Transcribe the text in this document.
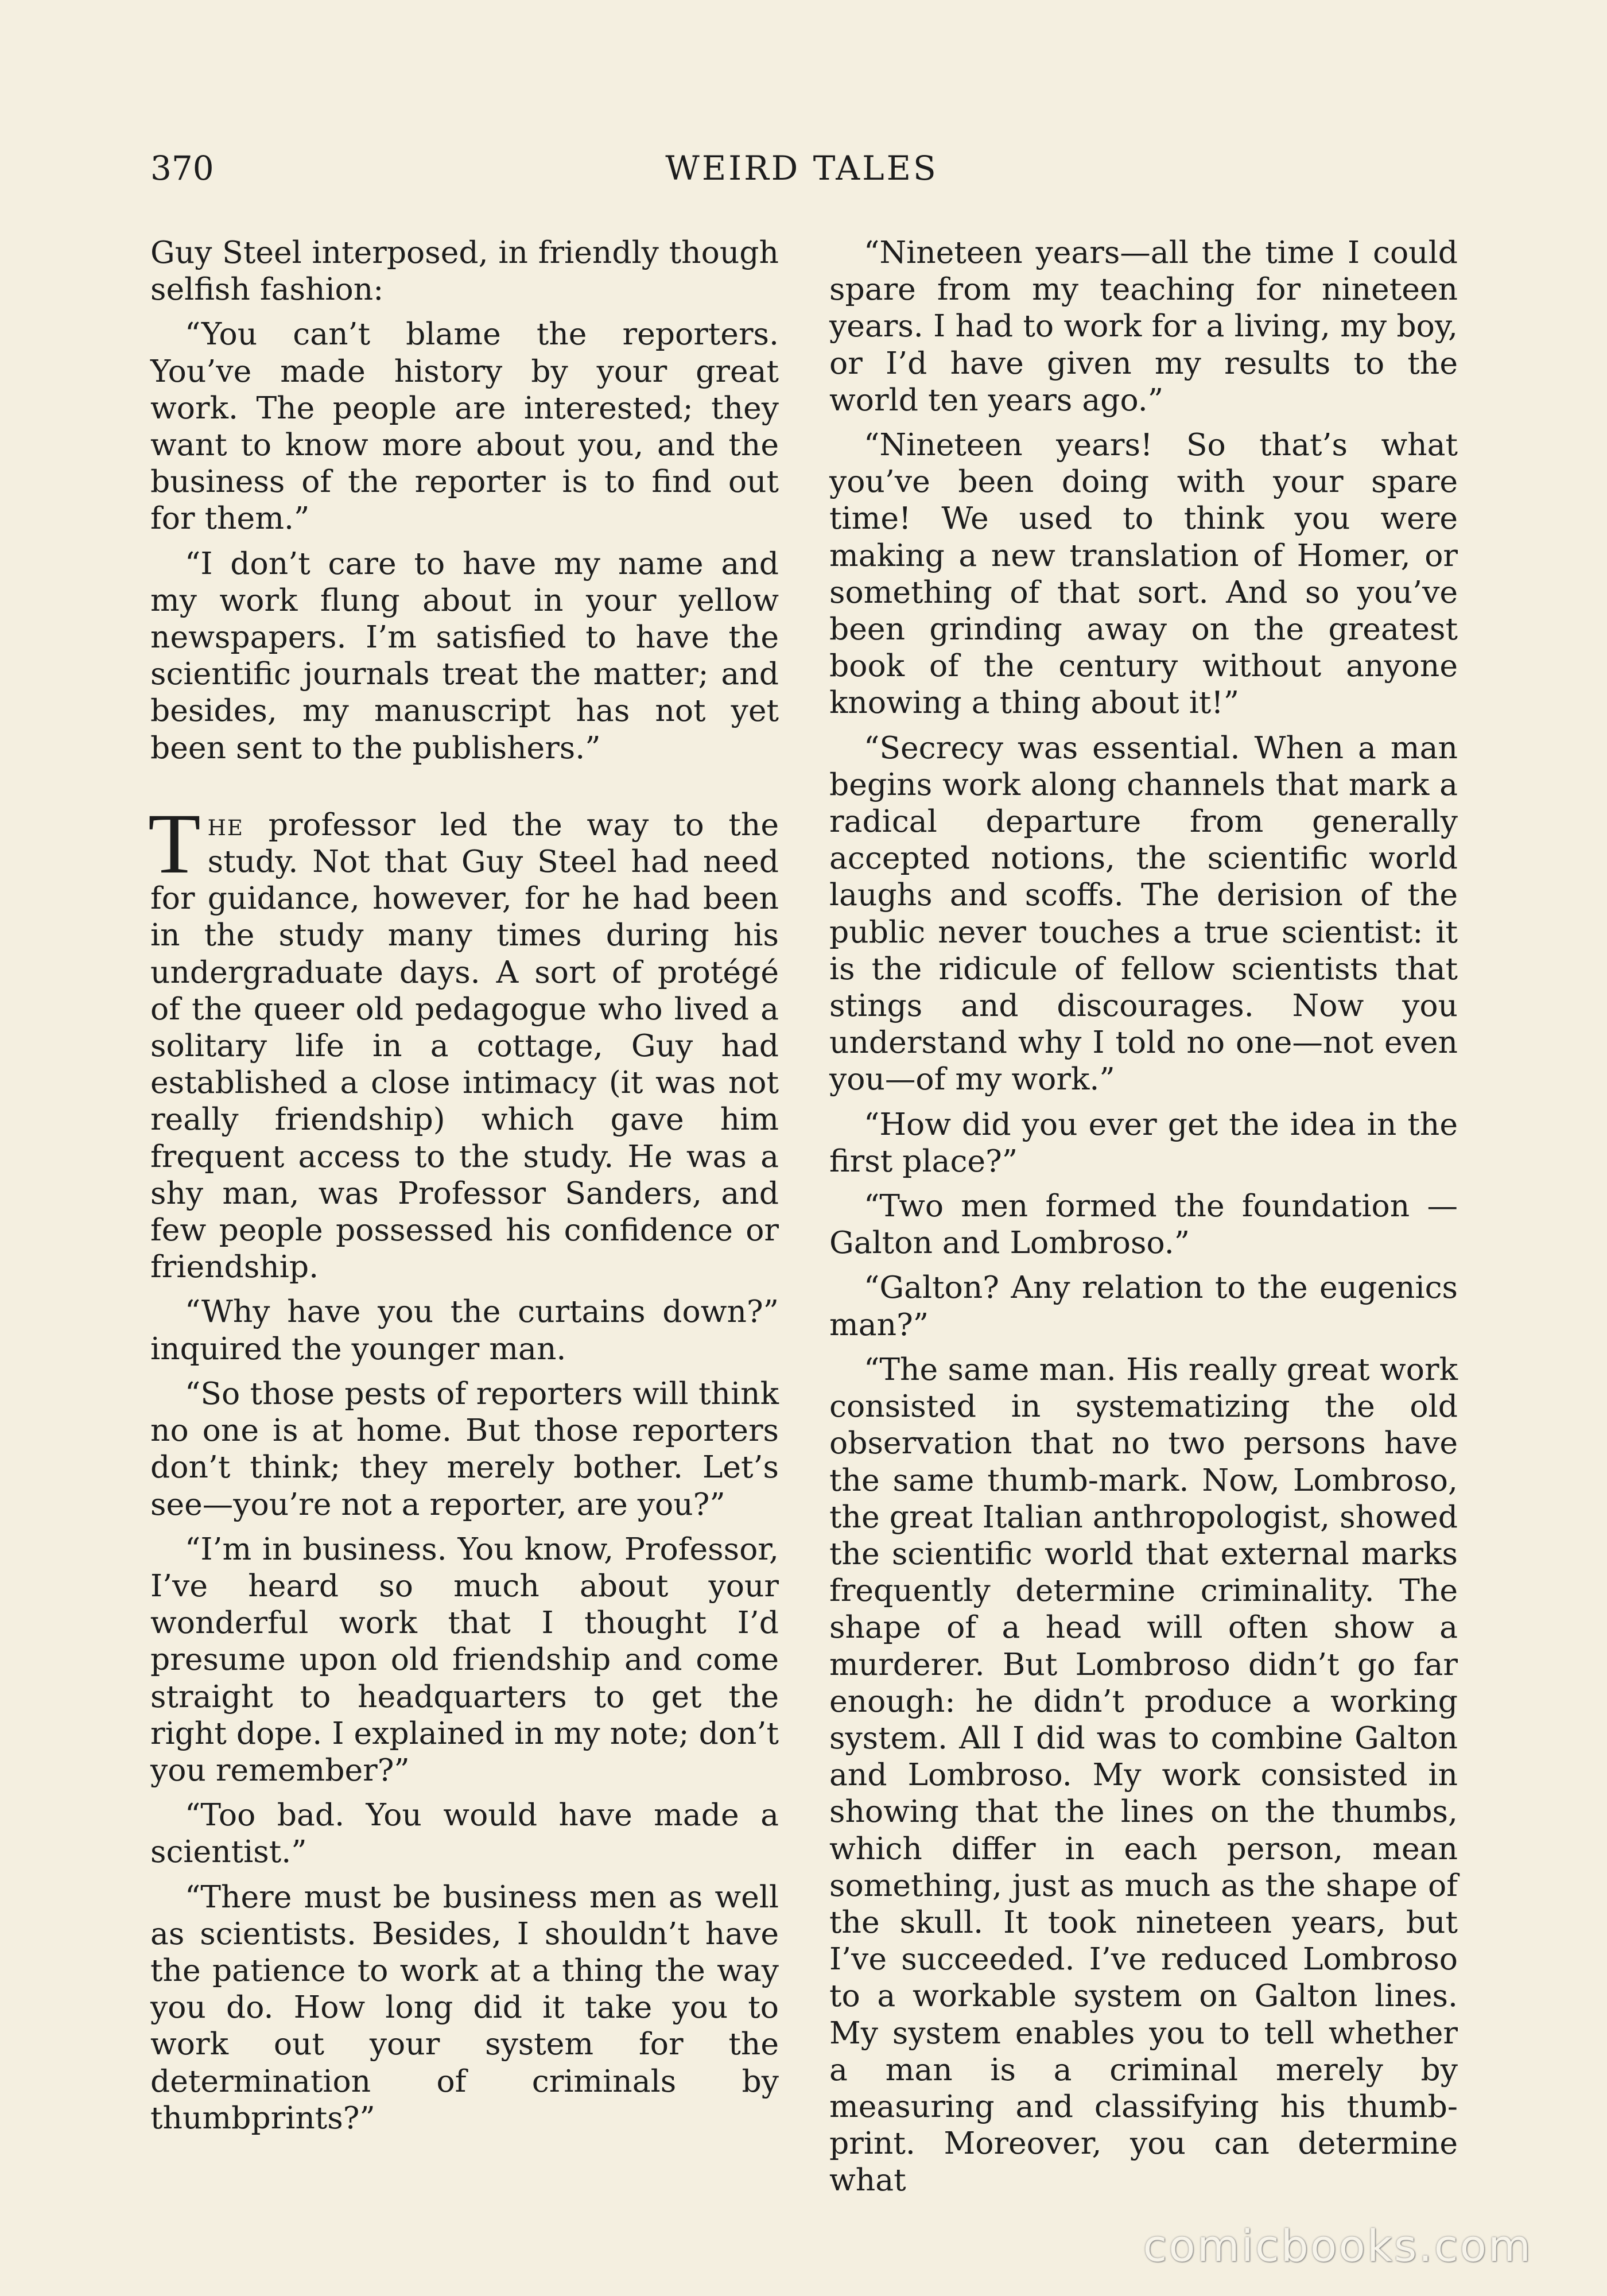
370	WEIRD TALES

Guy Steel interposed, in friendly though selfish fashion:

“You can’t blame the reporters. You’ve made history by your great work. The people are interested; they want to know more about you, and the business of the reporter is to find out for them.”

“I don’t care to have my name and my work flung about in your yellow newspapers. I’m satisfied to have the scientific journals treat the matter; and besides, my manuscript has not yet been sent to the publishers.”

The professor led the way to the study. Not that Guy Steel had need for guidance, however, for he had been in the study many times during his undergraduate days. A sort of protégé of the queer old pedagogue who lived a solitary life in a cottage, Guy had established a close intimacy (it was not really friendship) which gave him frequent access to the study. He was a shy man, was Professor Sanders, and few people possessed his confidence or friendship.

“Why have you the curtains down?” inquired the younger man.

“So those pests of reporters will think no one is at home. But those reporters don’t think; they merely bother. Let’s see—you’re not a reporter, are you?”

“I’m in business. You know, Professor, I’ve heard so much about your wonderful work that I thought I’d presume upon old friendship and come straight to headquarters to get the right dope. I explained in my note; don’t you remember?”

“Too bad. You would have made a scientist.”

“There must be business men as well as scientists. Besides, I shouldn’t have the patience to work at a thing the way you do. How long did it take you to work out your system for the determination of criminals by thumbprints?”

“Nineteen years—all the time I could spare from my teaching for nineteen years. I had to work for a living, my boy, or I’d have given my results to the world ten years ago.”

“Nineteen years! So that’s what you’ve been doing with your spare time! We used to think you were making a new translation of Homer, or something of that sort. And so you’ve been grinding away on the greatest book of the century without anyone knowing a thing about it!”

“Secrecy was essential. When a man begins work along channels that mark a radical departure from generally accepted notions, the scientific world laughs and scoffs. The derision of the public never touches a true scientist: it is the ridicule of fellow scientists that stings and discourages. Now you understand why I told no one—not even you—of my work.”

“How did you ever get the idea in the first place?”

“Two men formed the foundation —Galton and Lombroso.”

“Galton? Any relation to the eugenics man?”

“The same man. His really great work consisted in systematizing the old observation that no two persons have the same thumb-mark. Now, Lombroso, the great Italian anthropologist, showed the scientific world that external marks frequently determine criminality. The shape of a head will often show a murderer. But Lombroso didn’t go far enough: he didn’t produce a working system. All I did was to combine Galton and Lombroso. My work consisted in showing that the lines on the thumbs, which differ in each person, mean something, just as much as the shape of the skull. It took nineteen years, but I’ve succeeded. I’ve reduced Lombroso to a workable system on Galton lines. My system enables you to tell whether a man is a criminal merely by measuring and classifying his thumb-print. Moreover, you can determine what

comicbooks.com
